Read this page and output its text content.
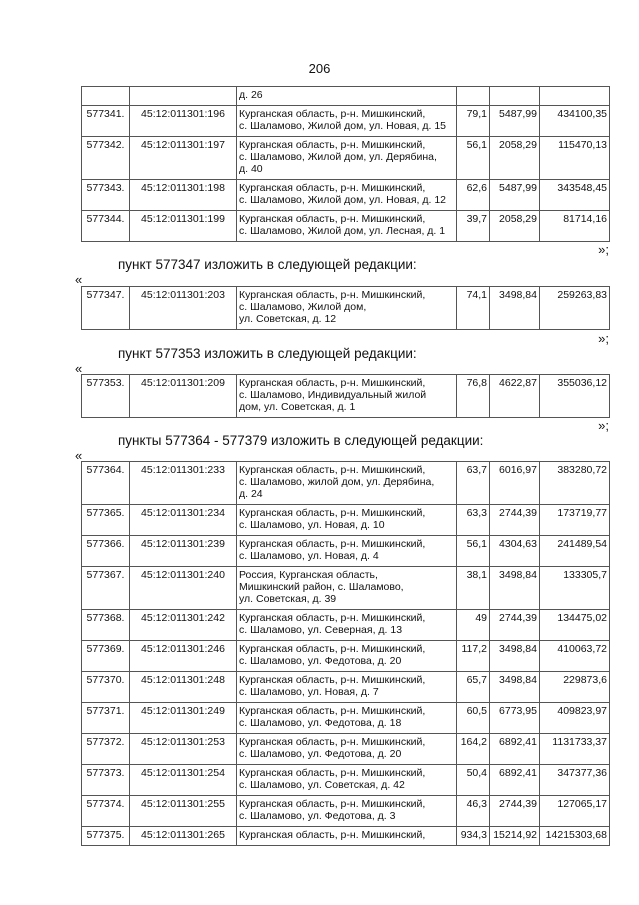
206

		д. 26			

577341.	45:12:011301:196	Курганская область, р-н. Мишкинский,
с. Шаламово, Жилой дом, ул. Новая, д. 15	79,1	5487,99	434100,35
577342.	45:12:011301:197	Курганская область, р-н. Мишкинский,
с. Шаламово, Жилой дом, ул. Дерябина,
д. 40	56,1	2058,29	115470,13
577343.	45:12:011301:198	Курганская область, р-н. Мишкинский,
с. Шаламово, Жилой дом, ул. Новая, д. 12	62,6	5487,99	343548,45
577344.	45:12:011301:199	Курганская область, р-н. Мишкинский,
с. Шаламово, Жилой дом, ул. Лесная, д. 1	39,7	2058,29	81714,16
»;
пункт 577347 изложить в следующей редакции:
«
577347.	45:12:011301:203	Курганская область, р-н. Мишкинский,
с. Шаламово, Жилой дом,
ул. Советская, д. 12
	74,1	3498,84	259263,83
»;
пункт 577353 изложить в следующей редакции:
«
577353.	45:12:011301:209	Курганская область, р-н. Мишкинский,
с. Шаламово, Индивидуальный жилой
дом, ул. Советская, д. 1
	76,8	4622,87	355036,12
»;
пункты 577364 - 577379 изложить в следующей редакции:
«
577364.	45:12:011301:233	Курганская область, р-н. Мишкинский,
с. Шаламово, жилой дом, ул. Дерябина,
д. 24	63,7	6016,97	383280,72
577365.	45:12:011301:234	Курганская область, р-н. Мишкинский,
с. Шаламово, ул. Новая, д. 10	63,3	2744,39	173719,77
577366.	45:12:011301:239	Курганская область, р-н. Мишкинский,
с. Шаламово, ул. Новая, д. 4	56,1	4304,63	241489,54
577367.	45:12:011301:240	Россия, Курганская область,
Мишкинский район, с. Шаламово,
ул. Советская, д. 39	38,1	3498,84	133305,7
577368.	45:12:011301:242	Курганская область, р-н. Мишкинский,
с. Шаламово, ул. Северная, д. 13	49	2744,39	134475,02
577369.	45:12:011301:246	Курганская область, р-н. Мишкинский,
с. Шаламово, ул. Федотова, д. 20	117,2	3498,84	410063,72
577370.	45:12:011301:248	Курганская область, р-н. Мишкинский,
с. Шаламово, ул. Новая, д. 7	65,7	3498,84	229873,6
577371.	45:12:011301:249	Курганская область, р-н. Мишкинский,
с. Шаламово, ул. Федотова, д. 18	60,5	6773,95	409823,97
577372.	45:12:011301:253	Курганская область, р-н. Мишкинский,
с. Шаламово, ул. Федотова, д. 20	164,2	6892,41	1131733,37
577373.	45:12:011301:254	Курганская область, р-н. Мишкинский,
с. Шаламово, ул. Советская, д. 42	50,4	6892,41	347377,36
577374.	45:12:011301:255	Курганская область, р-н. Мишкинский,
с. Шаламово, ул. Федотова, д. 3	46,3	2744,39	127065,17
577375.	45:12:011301:265	Курганская область, р-н. Мишкинский,	934,3	15214,92	14215303,68
